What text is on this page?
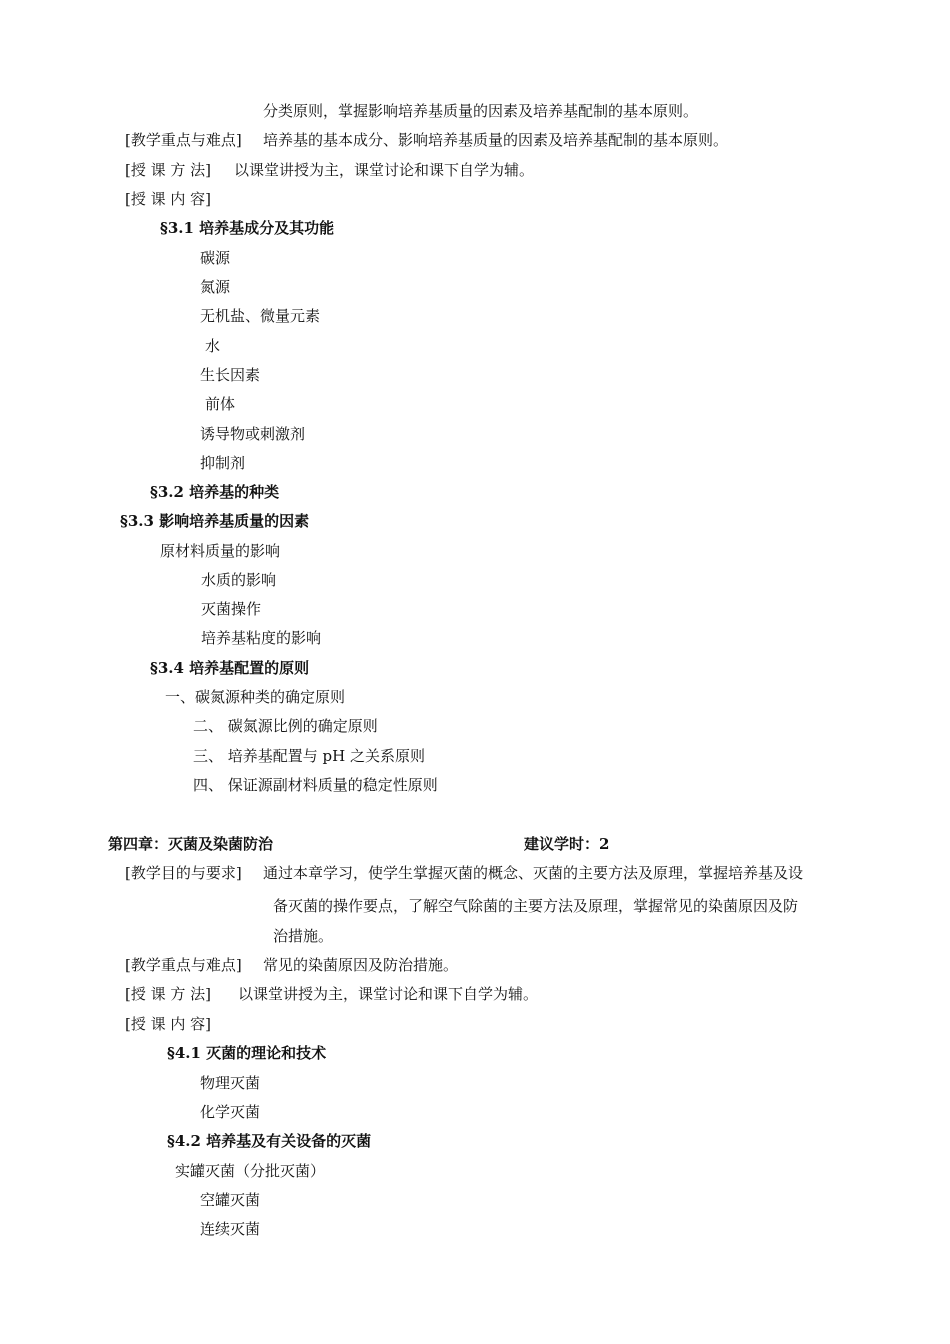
分类原则，掌握影响培养基质量的因素及培养基配制的基本原则。
[教学重点与难点] 培养基的基本成分、影响培养基质量的因素及培养基配制的基本原则。
[授 课 方 法] 以课堂讲授为主，课堂讨论和课下自学为辅。
[授 课 内 容]
§3.1 培养基成分及其功能
碳源
氮源
无机盐、微量元素
水
生长因素
前体
诱导物或刺激剂
抑制剂
§3.2 培养基的种类
§3.3 影响培养基质量的因素
原材料质量的影响
水质的影响
灭菌操作
培养基粘度的影响
§3.4 培养基配置的原则
一、碳氮源种类的确定原则
二、 碳氮源比例的确定原则
三、 培养基配置与 pH 之关系原则
四、 保证源副材料质量的稳定性原则
第四章：灭菌及染菌防治	建议学时：2
[教学目的与要求] 通过本章学习，使学生掌握灭菌的概念、灭菌的主要方法及原理，掌握培养基及设
备灭菌的操作要点，了解空气除菌的主要方法及原理，掌握常见的染菌原因及防
治措施。
[教学重点与难点] 常见的染菌原因及防治措施。
[授 课 方 法] 以课堂讲授为主，课堂讨论和课下自学为辅。
[授 课 内 容]
§4.1 灭菌的理论和技术
物理灭菌
化学灭菌
§4.2 培养基及有关设备的灭菌
实罐灭菌（分批灭菌）
空罐灭菌
连续灭菌
